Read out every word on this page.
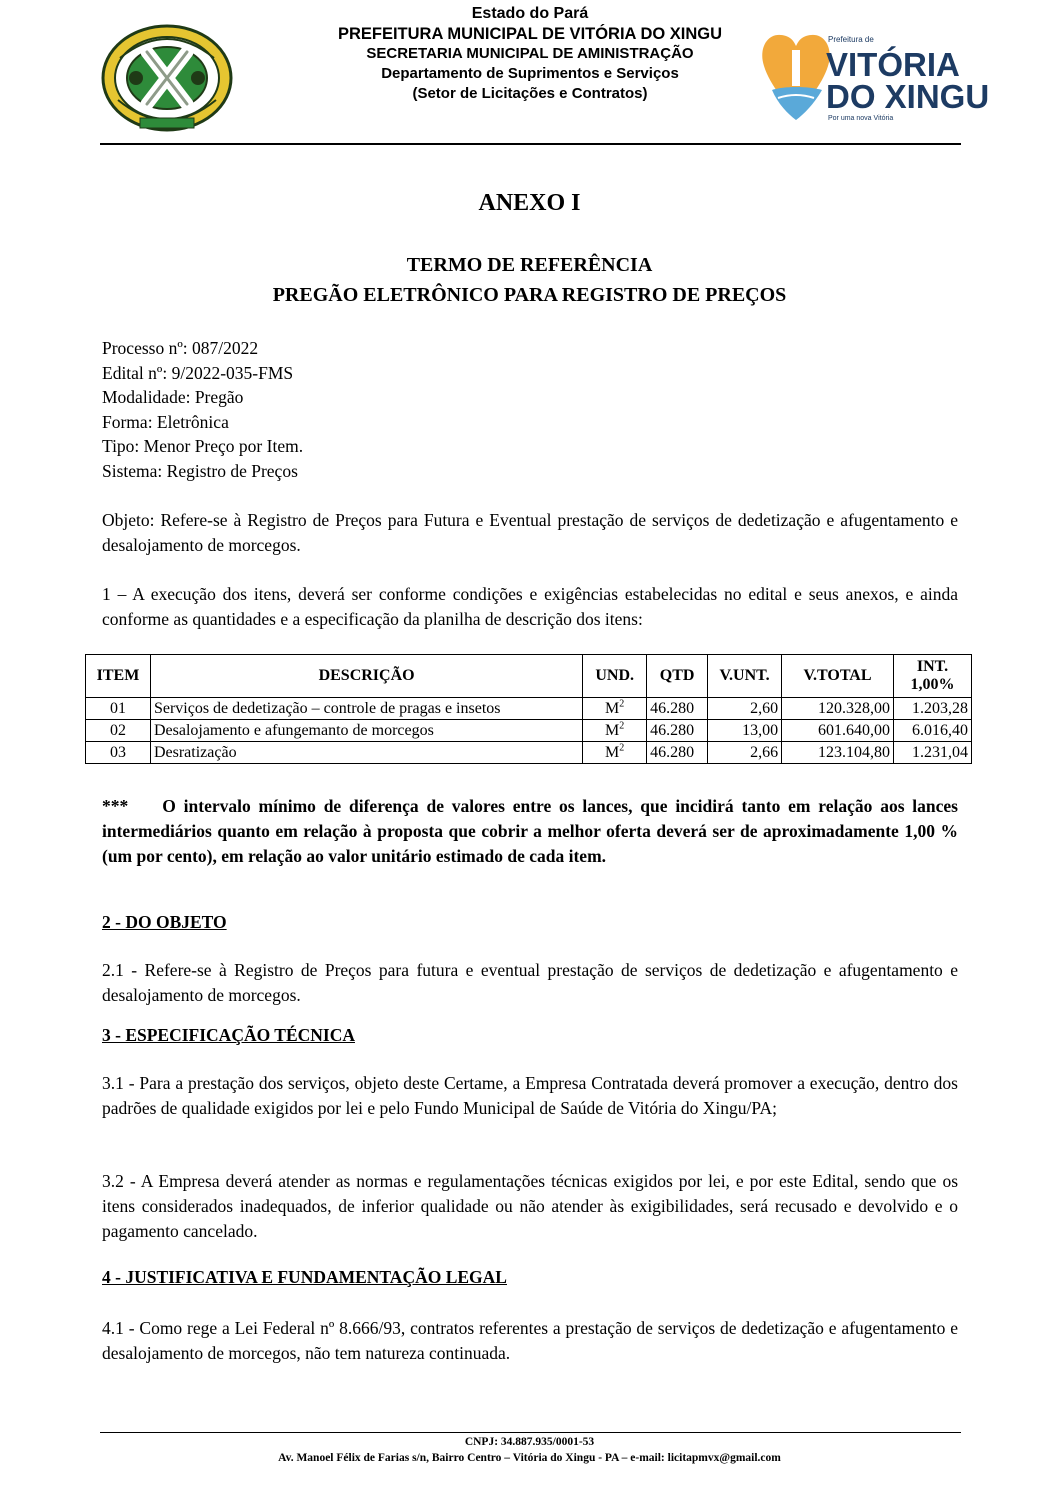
Estado do Pará
PREFEITURA MUNICIPAL DE VITÓRIA DO XINGU
SECRETARIA MUNICIPAL DE AMINISTRAÇÃO
Departamento de Suprimentos e Serviços
(Setor de Licitações e Contratos)
Prefeitura de
VITÓRIA
DO XINGU
Por uma nova Vitória
ANEXO I
TERMO DE REFERÊNCIA
PREGÃO ELETRÔNICO PARA REGISTRO DE PREÇOS
Processo nº: 087/2022
Edital nº: 9/2022-035-FMS
Modalidade: Pregão
Forma: Eletrônica
Tipo: Menor Preço por Item.
Sistema: Registro de Preços
Objeto: Refere-se à Registro de Preços para Futura e Eventual prestação de serviços de dedetização e afugentamento e desalojamento de morcegos.
1 – A execução dos itens, deverá ser conforme condições e exigências estabelecidas no edital e seus anexos, e ainda conforme as quantidades e a especificação da planilha de descrição dos itens:
ITEM	DESCRIÇÃO	UND.	QTD	V.UNT.	V.TOTAL	INT.
1,00%

01	Serviços de dedetização – controle de pragas e insetos	$M^2$	46.280	2,60	120.328,00	1.203,28
02	Desalojamento e afungemanto de morcegos	$M^2$	46.280	13,00	601.640,00	6.016,40
03	Desratização	$M^2$	46.280	2,66	123.104,80	1.231,04
*** O intervalo mínimo de diferença de valores entre os lances, que incidirá tanto em relação aos lances intermediários quanto em relação à proposta que cobrir a melhor oferta deverá ser de aproximadamente 1,00 % (um por cento), em relação ao valor unitário estimado de cada item.
2 - DO OBJETO
2.1 - Refere-se à Registro de Preços para futura e eventual prestação de serviços de dedetização e afugentamento e desalojamento de morcegos.
3 - ESPECIFICAÇÃO TÉCNICA
3.1 - Para a prestação dos serviços, objeto deste Certame, a Empresa Contratada deverá promover a execução, dentro dos padrões de qualidade exigidos por lei e pelo Fundo Municipal de Saúde de Vitória do Xingu/PA;
3.2 - A Empresa deverá atender as normas e regulamentações técnicas exigidos por lei, e por este Edital, sendo que os itens considerados inadequados, de inferior qualidade ou não atender às exigibilidades, será recusado e devolvido e o pagamento cancelado.
4 - JUSTIFICATIVA E FUNDAMENTAÇÃO LEGAL
4.1 - Como rege a Lei Federal nº 8.666/93, contratos referentes a prestação de serviços de dedetização e afugentamento e desalojamento de morcegos, não tem natureza continuada.
CNPJ: 34.887.935/0001-53
Av. Manoel Félix de Farias s/n, Bairro Centro – Vitória do Xingu - PA – e-mail: licitapmvx@gmail.com
